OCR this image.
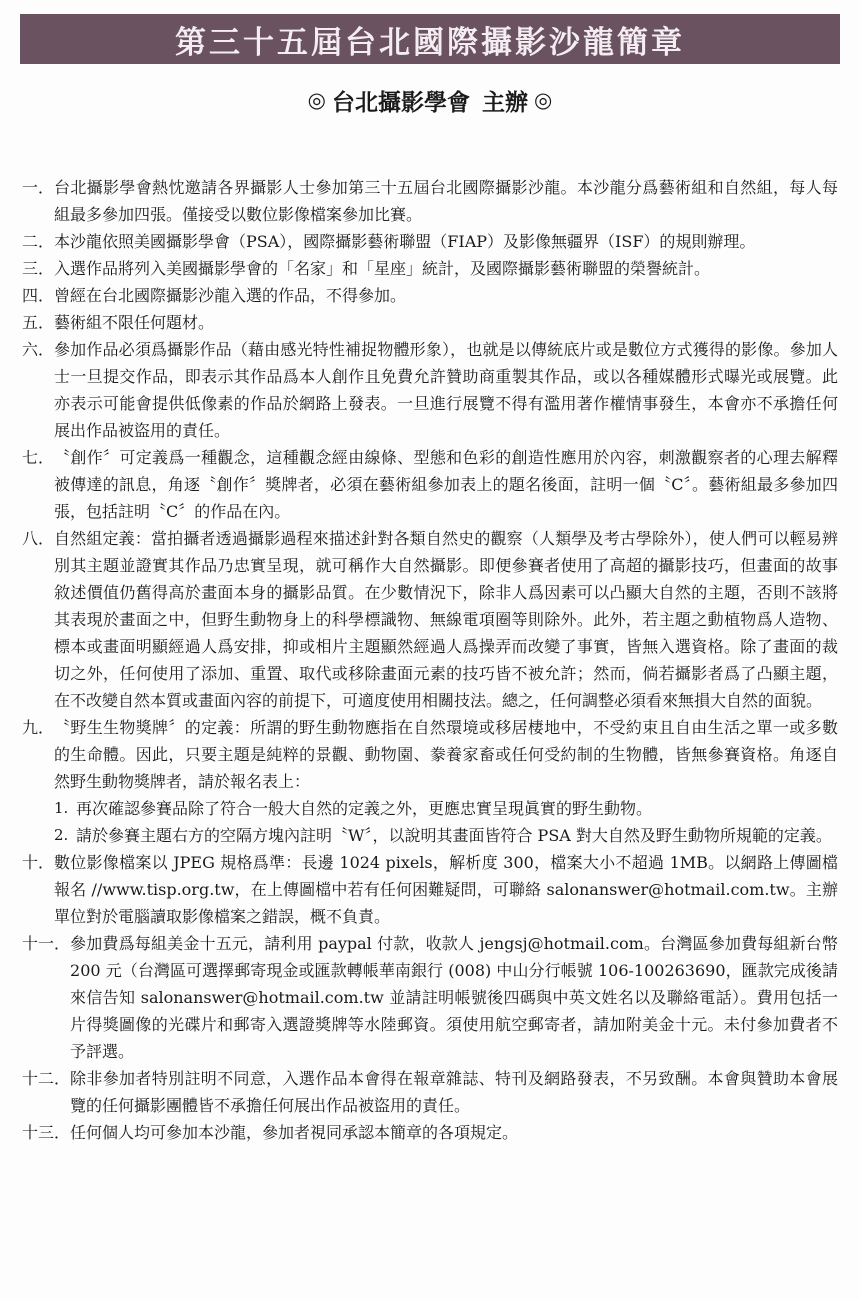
第三十五屆台北國際攝影沙龍簡章
◎ 台北攝影學會 主辦 ◎
一． 台北攝影學會熱忱邀請各界攝影人士參加第三十五屆台北國際攝影沙龍。本沙龍分爲藝術組和自然組，每人每組最多參加四張。僅接受以數位影像檔案參加比賽。

二． 本沙龍依照美國攝影學會（PSA），國際攝影藝術聯盟（FIAP）及影像無疆界（ISF）的規則辦理。

三． 入選作品將列入美國攝影學會的「名家」和「星座」統計，及國際攝影藝術聯盟的榮譽統計。

四． 曾經在台北國際攝影沙龍入選的作品，不得參加。

五． 藝術組不限任何題材。

六． 參加作品必須爲攝影作品（藉由感光特性補捉物體形象），也就是以傳統底片或是數位方式獲得的影像。參加人士一旦提交作品，即表示其作品爲本人創作且免費允許贊助商重製其作品，或以各種媒體形式曝光或展覽。此亦表示可能會提供低像素的作品於網路上發表。一旦進行展覽不得有濫用著作權情事發生，本會亦不承擔任何展出作品被盜用的責任。

七． 〝創作〞可定義爲一種觀念，這種觀念經由線條、型態和色彩的創造性應用於內容，刺激觀察者的心理去解釋被傳達的訊息，角逐〝創作〞獎牌者，必須在藝術組參加表上的題名後面，註明一個〝C〞。藝術組最多參加四張，包括註明〝C〞的作品在內。

八． 自然組定義：當拍攝者透過攝影過程來描述針對各類自然史的觀察（人類學及考古學除外），使人們可以輕易辨別其主題並證實其作品乃忠實呈現，就可稱作大自然攝影。即便參賽者使用了高超的攝影技巧，但畫面的故事敘述價值仍舊得高於畫面本身的攝影品質。在少數情況下，除非人爲因素可以凸顯大自然的主題，否則不該將其表現於畫面之中，但野生動物身上的科學標識物、無線電項圈等則除外。此外，若主題之動植物爲人造物、標本或畫面明顯經過人爲安排，抑或相片主題顯然經過人爲操弄而改變了事實，皆無入選資格。除了畫面的裁切之外，任何使用了添加、重置、取代或移除畫面元素的技巧皆不被允許；然而，倘若攝影者爲了凸顯主題，在不改變自然本質或畫面內容的前提下，可適度使用相關技法。總之，任何調整必須看來無損大自然的面貌。

九． 〝野生生物獎牌〞的定義：所謂的野生動物應指在自然環境或移居棲地中，不受約束且自由生活之單一或多數的生命體。因此，只要主題是純粹的景觀、動物園、豢養家畜或任何受約制的生物體，皆無參賽資格。角逐自然野生動物獎牌者，請於報名表上：

1. 再次確認參賽品除了符合一般大自然的定義之外，更應忠實呈現眞實的野生動物。
2. 請於參賽主題右方的空隔方塊內註明〝W〞，以說明其畫面皆符合 PSA 對大自然及野生動物所規範的定義。
十． 數位影像檔案以 JPEG 規格爲準：長邊 1024 pixels，解析度 300，檔案大小不超過 1MB。以網路上傳圖檔報名 //www.tisp.org.tw，在上傳圖檔中若有任何困難疑問，可聯絡 salonanswer@hotmail.com.tw。主辦單位對於電腦讀取影像檔案之錯誤，概不負責。

十一． 參加費爲每組美金十五元，請利用 paypal 付款，收款人 jengsj@hotmail.com。台灣區參加費每組新台幣 200 元（台灣區可選擇郵寄現金或匯款轉帳華南銀行 (008) 中山分行帳號 106-100263690，匯款完成後請來信告知 salonanswer@hotmail.com.tw 並請註明帳號後四碼與中英文姓名以及聯絡電話）。費用包括一片得獎圖像的光碟片和郵寄入選證獎牌等水陸郵資。須使用航空郵寄者，請加附美金十元。未付參加費者不予評選。

十二． 除非參加者特別註明不同意，入選作品本會得在報章雜誌、特刊及網路發表，不另致酬。本會與贊助本會展覽的任何攝影團體皆不承擔任何展出作品被盜用的責任。

十三． 任何個人均可參加本沙龍，參加者視同承認本簡章的各項規定。
